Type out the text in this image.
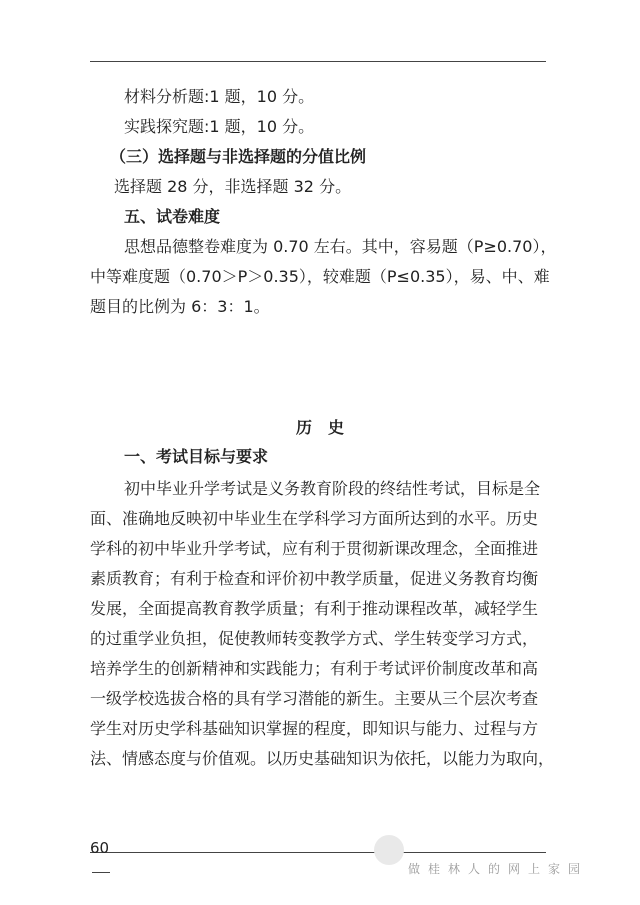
材料分析题:1 题，10 分。
实践探究题:1 题，10 分。
（三）选择题与非选择题的分值比例
选择题 28 分，非选择题 32 分。
五、试卷难度
思想品德整卷难度为 0.70 左右。其中，容易题（P≥0.70），
中等难度题（0.70＞P＞0.35），较难题（P≤0.35），易、中、难
题目的比例为 6：3：1。
历　史
一、考试目标与要求
初中毕业升学考试是义务教育阶段的终结性考试，目标是全
面、准确地反映初中毕业生在学科学习方面所达到的水平。历史
学科的初中毕业升学考试，应有利于贯彻新课改理念，全面推进
素质教育；有利于检查和评价初中教学质量，促进义务教育均衡
发展，全面提高教育教学质量；有利于推动课程改革，减轻学生
的过重学业负担，促使教师转变教学方式、学生转变学习方式，
培养学生的创新精神和实践能力；有利于考试评价制度改革和高
一级学校选拔合格的具有学习潜能的新生。主要从三个层次考查
学生对历史学科基础知识掌握的程度，即知识与能力、过程与方
法、情感态度与价值观。以历史基础知识为依托，以能力为取向，
60
做桂林人的网上家园
